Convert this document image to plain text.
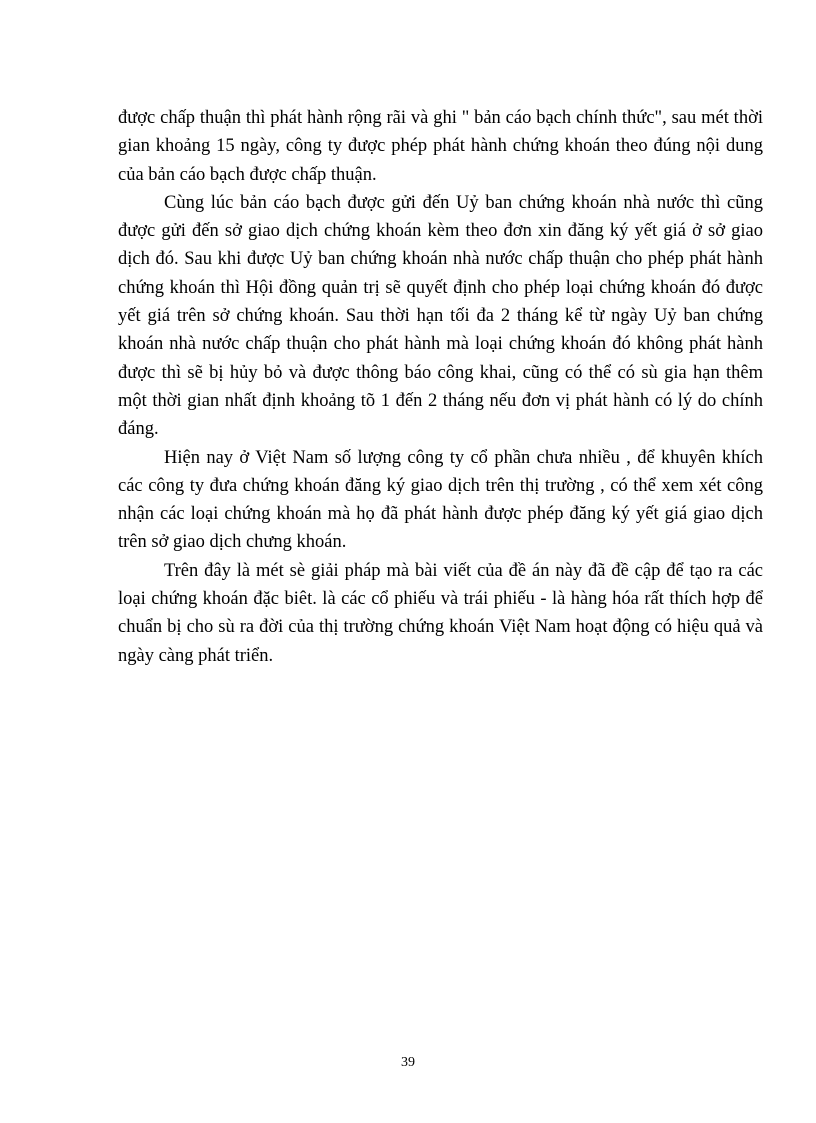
được chấp thuận thì phát hành rộng rãi và ghi " bản cáo bạch chính thức", sau mét thời gian khoảng 15 ngày, công ty được phép phát hành chứng khoán theo đúng nội dung của bản cáo bạch được chấp thuận.

Cùng lúc bản cáo bạch được gửi đến Uỷ ban chứng khoán nhà nước thì cũng được gửi đến sở giao dịch chứng khoán kèm theo đơn xin đăng ký yết giá ở sở giao dịch đó. Sau khi được Uỷ ban chứng khoán nhà nước chấp thuận cho phép phát hành chứng khoán thì Hội đồng quản trị sẽ quyết định cho phép loại chứng khoán đó được yết giá trên sở chứng khoán. Sau thời hạn tối đa 2 tháng kể từ ngày Uỷ ban chứng khoán nhà nước chấp thuận cho phát hành mà loại chứng khoán đó không phát hành được thì sẽ bị hủy bỏ và được thông báo công khai, cũng có thể có sù gia hạn thêm một thời gian nhất định khoảng tõ 1 đến 2 tháng nếu đơn vị phát hành có lý do chính đáng.

Hiện nay ở Việt Nam số lượng công ty cổ phần chưa nhiều , để khuyên khích các công ty đưa chứng khoán đăng ký giao dịch trên thị trường , có thể xem xét công nhận các loại chứng khoán mà họ đã phát hành được phép đăng ký yết giá giao dịch trên sở giao dịch chưng khoán.

Trên đây là mét sè giải pháp mà bài viết của đề án này đã đề cập để tạo ra các loại chứng khoán đặc biêt. là các cổ phiếu và trái phiếu - là hàng hóa rất thích hợp để chuẩn bị cho sù ra đời của thị trường chứng khoán Việt Nam hoạt động có hiệu quả và ngày càng phát triển.

39
